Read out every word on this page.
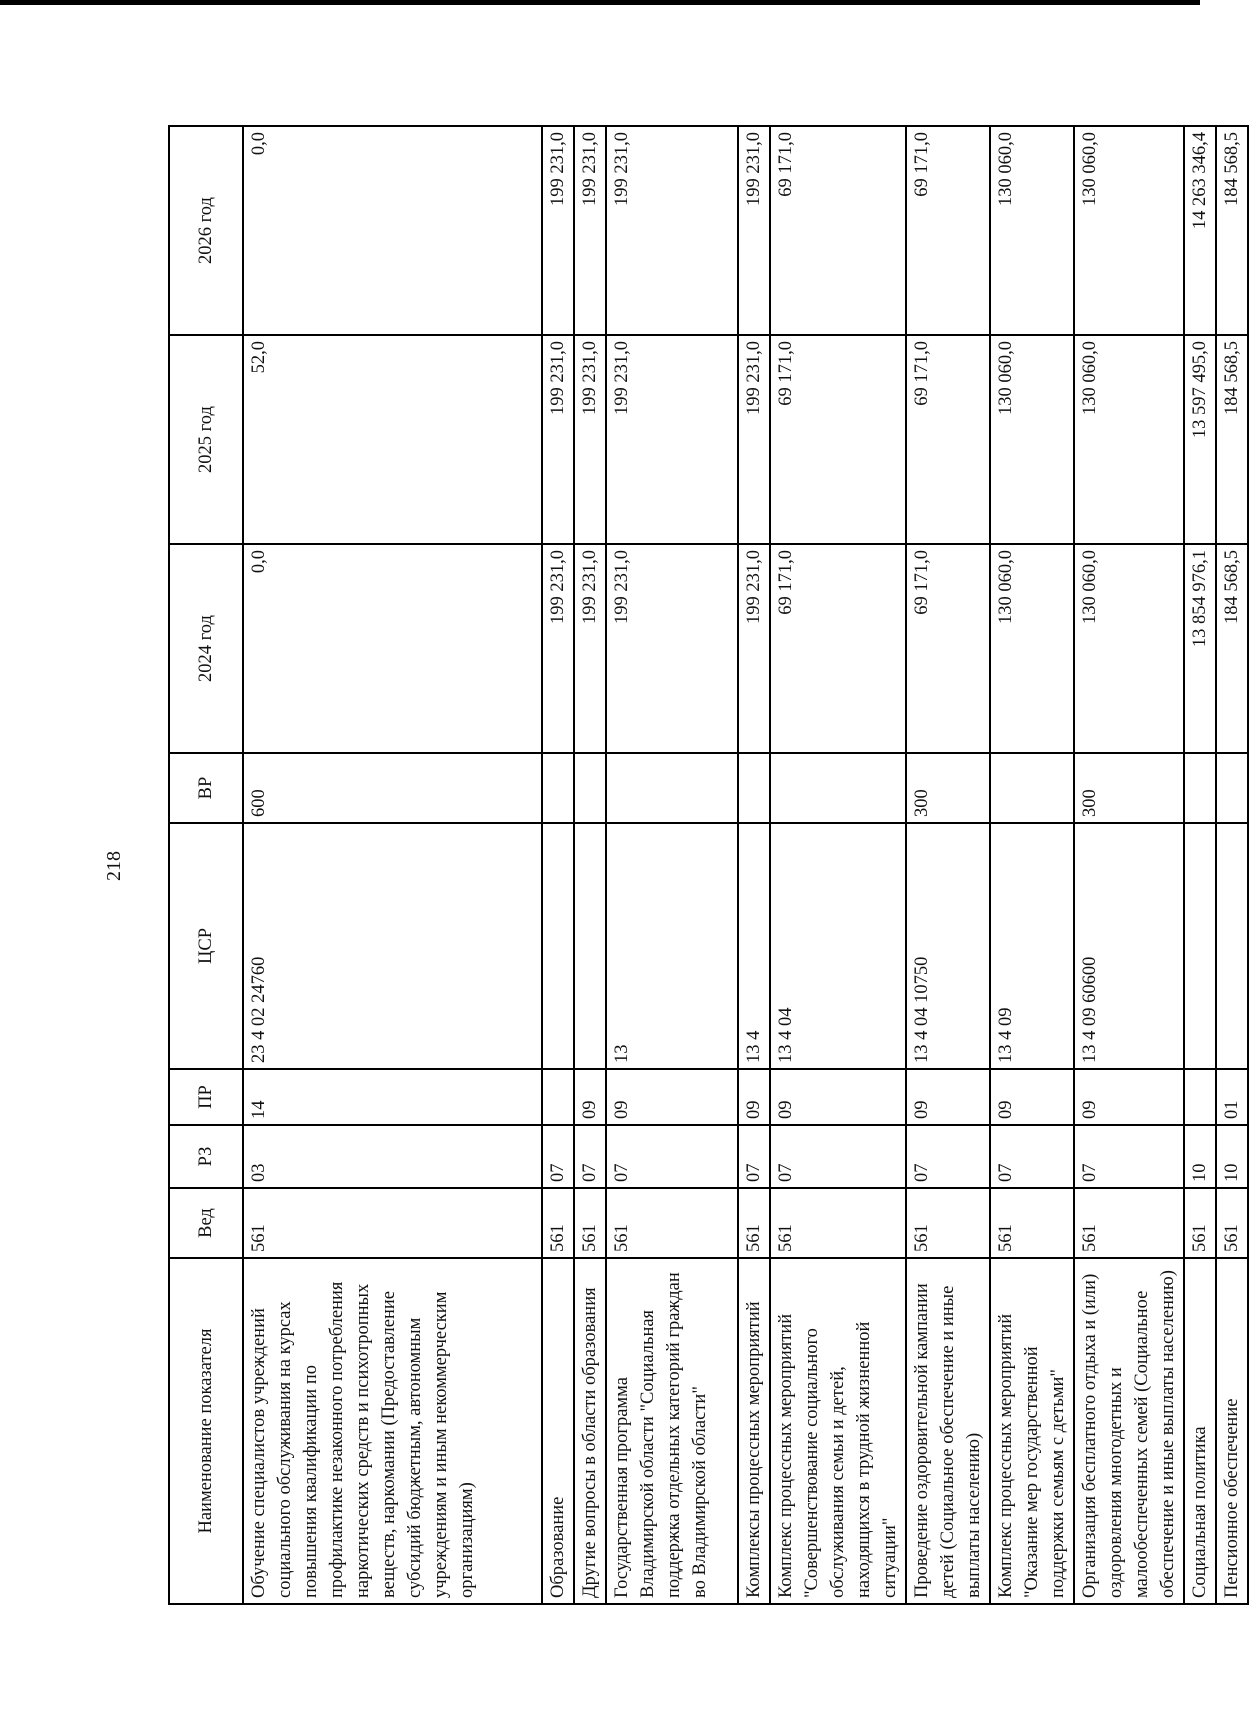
218
Наименование показателя	Вед	РЗ	ПР	ЦСР	ВР	2024 год	2025 год	2026 год
Обучение специалистов учреждений социального обслуживания на курсах повышения квалификации по профилактике незаконного потребления наркотических средств и психотропных веществ, наркомании (Предоставление субсидий бюджетным, автономным учреждениям и иным некоммерческим организациям)	561	03	14	23 4 02 24760	600	0,0	52,0	0,0
Образование	561	07				199 231,0	199 231,0	199 231,0
Другие вопросы в области образования	561	07	09			199 231,0	199 231,0	199 231,0
Государственная программа Владимирской области "Социальная поддержка отдельных категорий граждан во Владимирской области"	561	07	09	13		199 231,0	199 231,0	199 231,0
Комплексы процессных мероприятий	561	07	09	13 4		199 231,0	199 231,0	199 231,0
Комплекс процессных мероприятий "Совершенствование социального обслуживания семьи и детей, находящихся в трудной жизненной ситуации"	561	07	09	13 4 04		69 171,0	69 171,0	69 171,0
Проведение оздоровительной кампании детей (Социальное обеспечение и иные выплаты населению)	561	07	09	13 4 04 10750	300	69 171,0	69 171,0	69 171,0
Комплекс процессных мероприятий "Оказание мер государственной поддержки семьям с детьми"	561	07	09	13 4 09		130 060,0	130 060,0	130 060,0
Организация бесплатного отдыха и (или) оздоровления многодетных и малообеспеченных семей (Социальное обеспечение и иные выплаты населению)	561	07	09	13 4 09 60600	300	130 060,0	130 060,0	130 060,0
Социальная политика	561	10				13 854 976,1	13 597 495,0	14 263 346,4
Пенсионное обеспечение	561	10	01			184 568,5	184 568,5	184 568,5
